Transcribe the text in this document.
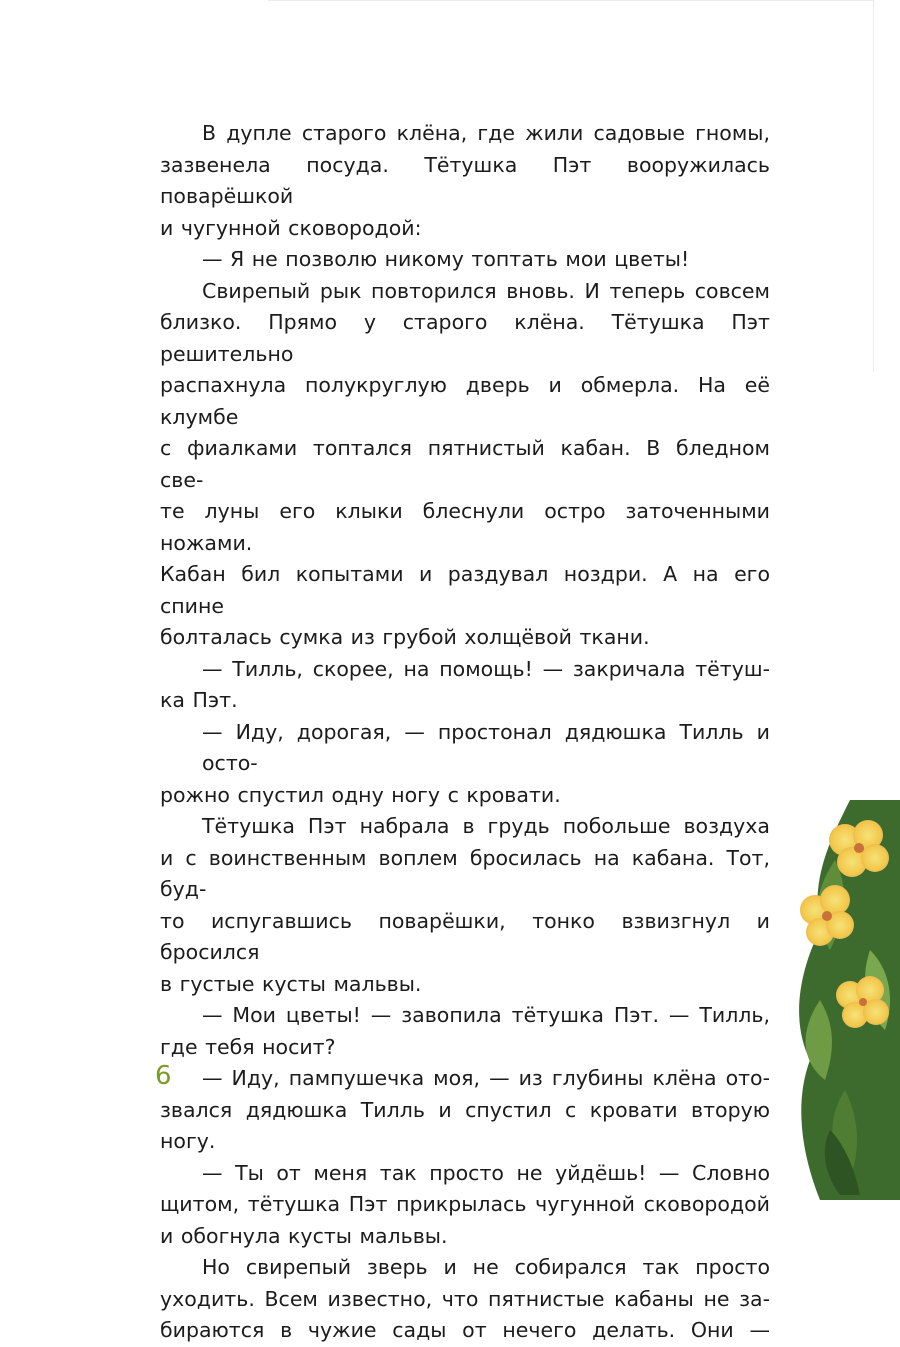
В дупле старого клёна, где жили садовые гномы,
зазвенела посуда. Тётушка Пэт вооружилась поварёшкой
и чугунной сковородой:

— Я не позволю никому топтать мои цветы!

Свирепый рык повторился вновь. И теперь совсем
близко. Прямо у старого клёна. Тётушка Пэт решительно
распахнула полукруглую дверь и обмерла. На её клумбе
с фиалками топтался пятнистый кабан. В бледном све-
те луны его клыки блеснули остро заточенными ножами.
Кабан бил копытами и раздувал ноздри. А на его спине
болталась сумка из грубой холщёвой ткани.

— Тилль, скорее, на помощь! — закричала тётуш-
ка Пэт.

— Иду, дорогая, — простонал дядюшка Тилль и осто-
рожно спустил одну ногу с кровати.

Тётушка Пэт набрала в грудь побольше воздуха
и с воинственным воплем бросилась на кабана. Тот, буд-
то испугавшись поварёшки, тонко взвизгнул и бросился
в густые кусты мальвы.

— Мои цветы! — завопила тётушка Пэт. — Тилль,
где тебя носит?

— Иду, пампушечка моя, — из глубины клёна ото-
звался дядюшка Тилль и спустил с кровати вторую ногу.

— Ты от меня так просто не уйдёшь! — Словно
щитом, тётушка Пэт прикрылась чугунной сковородой
и обогнула кусты мальвы.

Но свирепый зверь и не собирался так просто
уходить. Всем известно, что пятнистые кабаны не за-
бираются в чужие сады от нечего делать. Они —

6
